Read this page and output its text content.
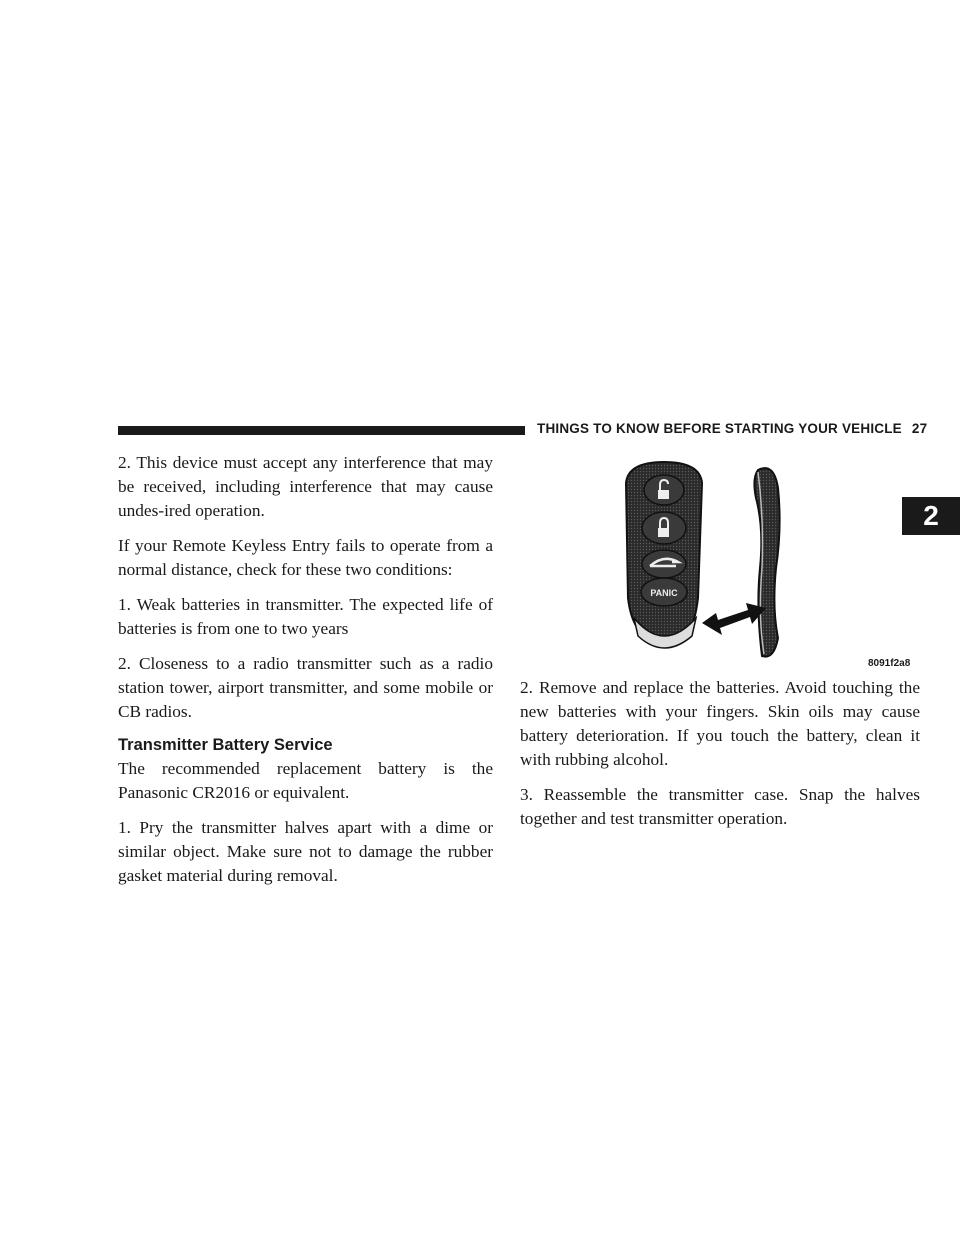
THINGS TO KNOW BEFORE STARTING YOUR VEHICLE 27
2

2. This device must accept any interference that may be received, including interference that may cause undes-ired operation.

If your Remote Keyless Entry fails to operate from a normal distance, check for these two conditions:

1. Weak batteries in transmitter. The expected life of batteries is from one to two years

2. Closeness to a radio transmitter such as a radio station tower, airport transmitter, and some mobile or CB radios.

Transmitter Battery Service

The recommended replacement battery is the Panasonic CR2016 or equivalent.

1. Pry the transmitter halves apart with a dime or similar object. Make sure not to damage the rubber gasket material during removal.

PANIC
8091f2a8

2. Remove and replace the batteries. Avoid touching the new batteries with your fingers. Skin oils may cause battery deterioration. If you touch the battery, clean it with rubbing alcohol.

3. Reassemble the transmitter case. Snap the halves together and test transmitter operation.
